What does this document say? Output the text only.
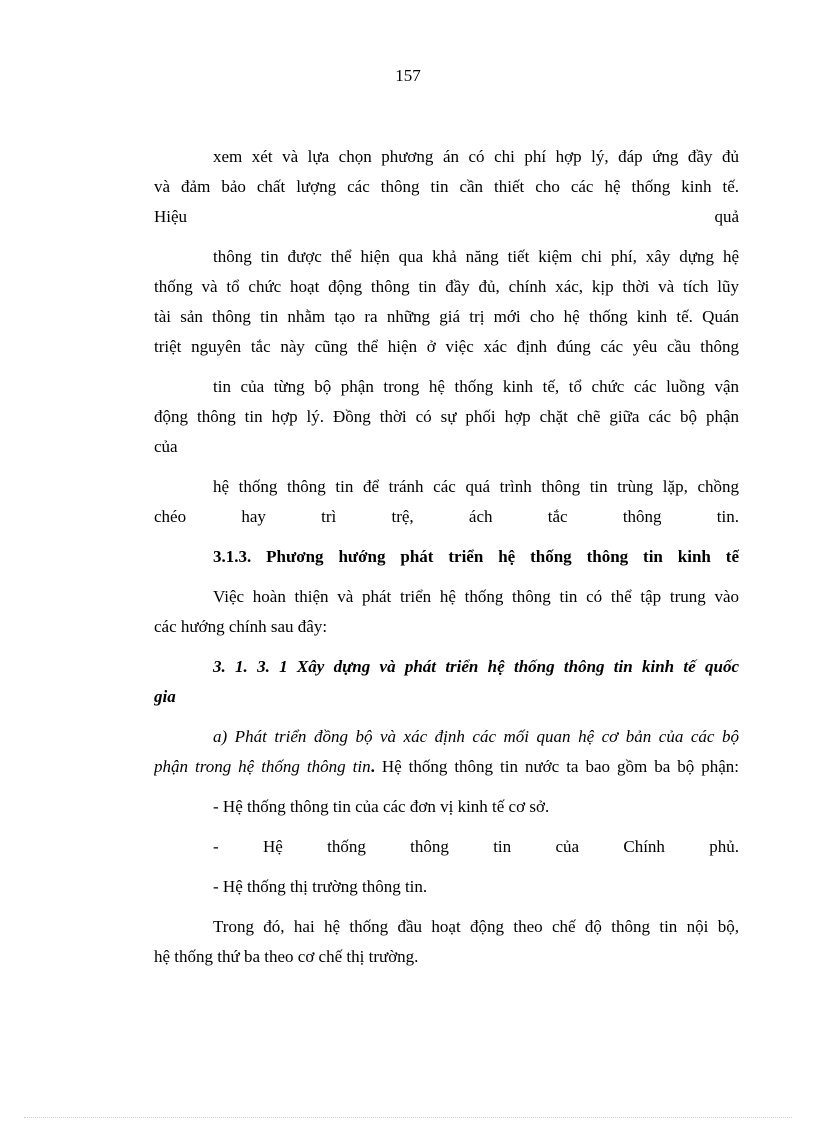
157
xem xét và lựa chọn phương án có chi phí hợp lý, đáp ứng đầy đủ
và đảm bảo chất lượng các thông tin cần thiết cho các hệ thống kinh tế.
Hiệu	quả
thông tin được thể hiện qua khả năng tiết kiệm chi phí, xây dựng hệ
thống và tổ chức hoạt động thông tin đầy đủ, chính xác, kịp thời và tích lũy
tài sản thông tin nhằm tạo ra những giá trị mới cho hệ thống kinh tế. Quán
triệt nguyên tắc này cũng thể hiện ở việc xác định đúng các yêu cầu thông
tin của từng bộ phận trong hệ thống kinh tế, tổ chức các luồng vận
động thông tin hợp lý. Đồng thời có sự phối hợp chặt chẽ giữa các bộ phận
của
hệ thống thông tin để tránh các quá trình thông tin trùng lặp, chồng
chéo hay trì trệ, ách tắc thông tin.
3.1.3. Phương hướng phát triển hệ thống thông tin kinh tế
Việc hoàn thiện và phát triển hệ thống thông tin có thể tập trung vào
các hướng chính sau đây:
3. 1. 3. 1 Xây dựng và phát triển hệ thống thông tin kinh tế quốc
gia
a) Phát triển đồng bộ và xác định các mối quan hệ cơ bản của các bộ
phận trong hệ thống thông tin. Hệ thống thông tin nước ta bao gồm ba bộ phận:
- Hệ thống thông tin của các đơn vị kinh tế cơ sở.
- Hệ thống thông tin của Chính phủ.
- Hệ thống thị trường thông tin.
Trong đó, hai hệ thống đầu hoạt động theo chế độ thông tin nội bộ,
hệ thống thứ ba theo cơ chế thị trường.
